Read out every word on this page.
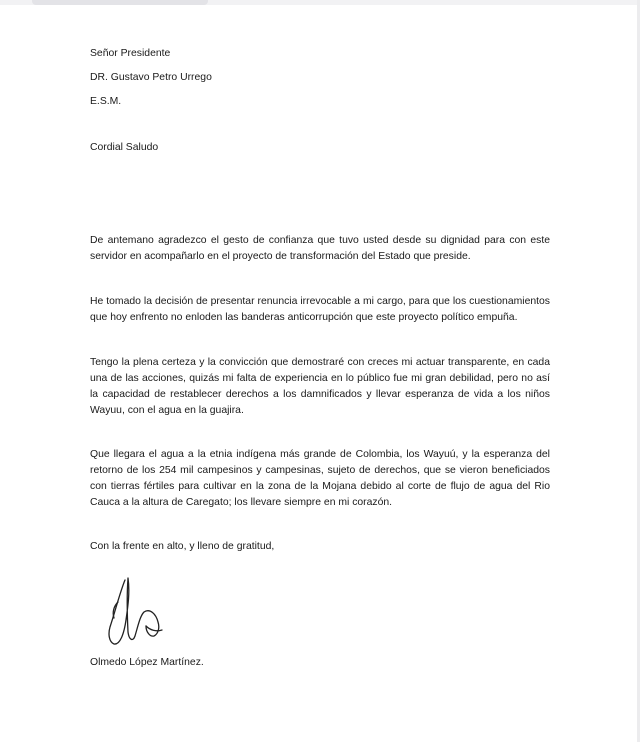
Señor Presidente

DR. Gustavo Petro Urrego

E.S.M.

Cordial Saludo

De antemano agradezco el gesto de confianza que tuvo usted desde su dignidad para con este servidor en acompañarlo en el proyecto de transformación del Estado que preside.

He tomado la decisión de presentar renuncia irrevocable a mi cargo, para que los cuestionamientos que hoy enfrento no enloden las banderas anticorrupción que este proyecto político empuña.

Tengo la plena certeza y la convicción que demostraré con creces mi actuar transparente, en cada una de las acciones, quizás mi falta de experiencia en lo público fue mi gran debilidad, pero no así la capacidad de restablecer derechos a los damnificados y llevar esperanza de vida a los niños Wayuu, con el agua en la guajira.

Que llegara el agua a la etnia indígena más grande de Colombia, los Wayuú, y la esperanza del retorno de los 254 mil campesinos y campesinas, sujeto de derechos, que se vieron beneficiados con tierras fértiles para cultivar en la zona de la Mojana debido al corte de flujo de agua del Rio Cauca a la altura de Caregato; los llevare siempre en mi corazón.

Con la frente en alto, y lleno de gratitud,

Olmedo López Martínez.
